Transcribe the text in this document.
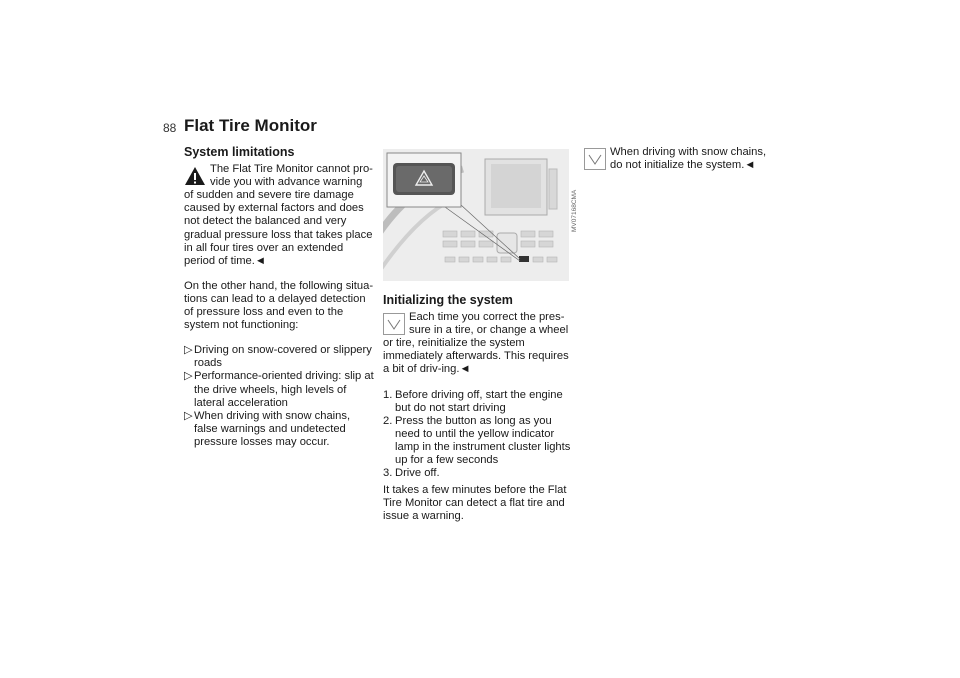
88 Flat Tire Monitor
System limitations
The Flat Tire Monitor cannot pro-
vide you with advance warning of sudden and severe tire damage caused by external factors and does not detect the balanced and very gradual pressure loss that takes place in all four tires over an extended period of time.◄

On the other hand, the following situa-tions can lead to a delayed detection of pressure loss and even to the system not functioning:

▷ Driving on snow-covered or slippery roads
▷ Performance-oriented driving: slip at the drive wheels, high levels of lateral acceleration
▷ When driving with snow chains, false warnings and undetected pressure losses may occur.
MV07168CMA
Initializing the system
Each time you correct the pres-
sure in a tire, or change a wheel or tire, reinitialize the system immediately afterwards. This requires a bit of driv-ing.◄
1. Before driving off, start the engine but do not start driving
2. Press the button as long as you need to until the yellow indicator lamp in the instrument cluster lights up for a few seconds
3. Drive off.

It takes a few minutes before the Flat Tire Monitor can detect a flat tire and issue a warning.

When driving with snow chains,
do not initialize the system.◄
